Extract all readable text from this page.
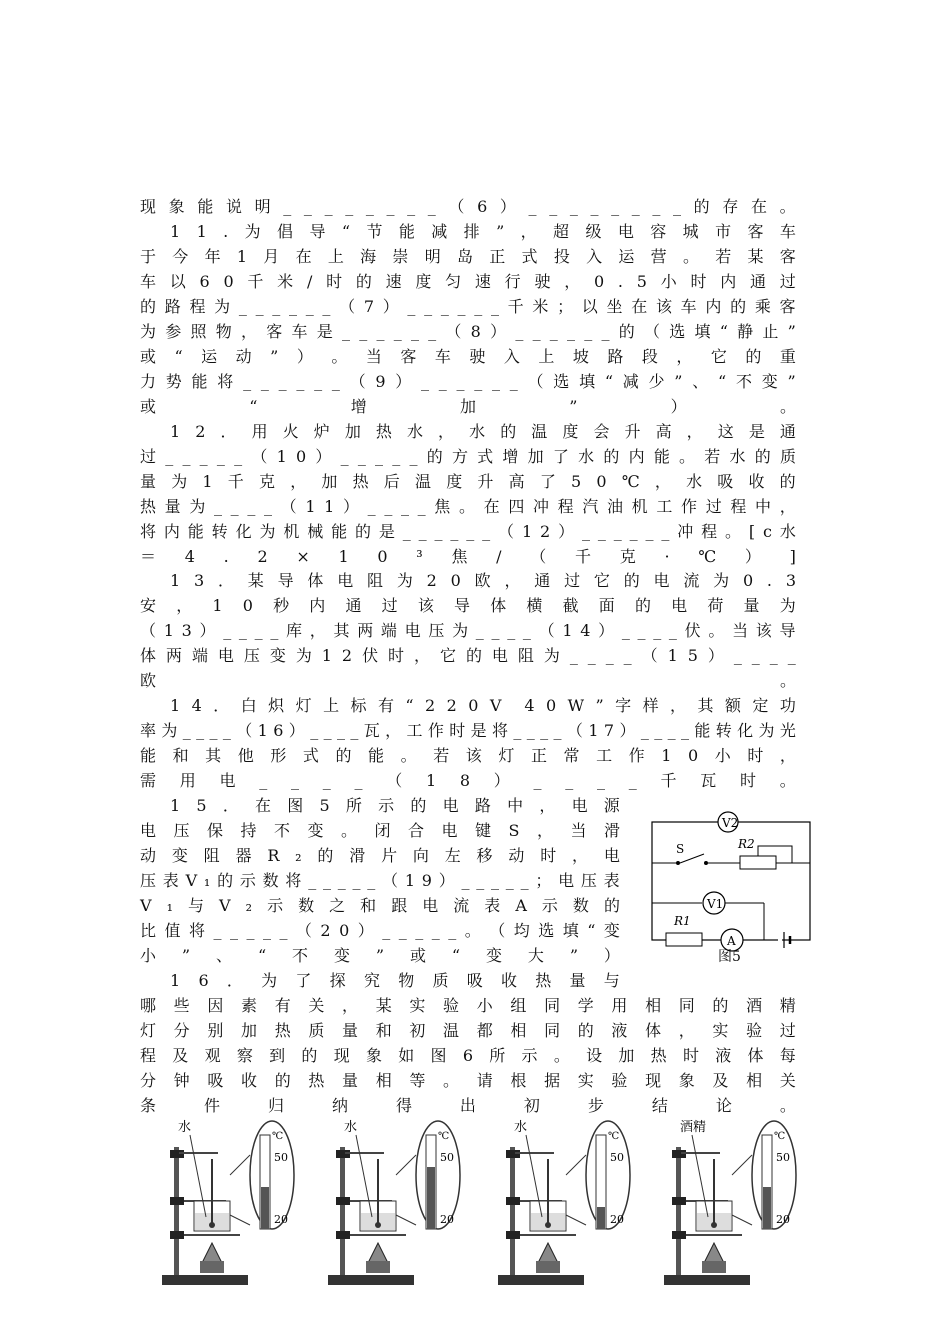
现 象 能 说 明 _ _ _ _ _ _ _ _ （ 6 ） _ _ _ _ _ _ _ _ 的 存 在 。
1 1 . 为 倡 导 “ 节 能 减 排 ” ， 超 级 电 容 城 市 客 车
于 今 年 1 月 在 上 海 崇 明 岛 正 式 投 入 运 营 。 若 某 客
车 以 6 0 千 米 / 时 的 速 度 匀 速 行 驶 ， 0 . 5 小 时 内 通 过
的 路 程 为 _ _ _ _ _ _ （ 7 ） _ _ _ _ _ _ 千 米 ； 以 坐 在 该 车 内 的 乘 客
为 参 照 物 ， 客 车 是 _ _ _ _ _ _ （ 8 ） _ _ _ _ _ _ 的 （ 选 填 “ 静 止 ”
或 “ 运 动 ” ） 。 当 客 车 驶 入 上 坡 路 段 ， 它 的 重
力 势 能 将 _ _ _ _ _ _ （ 9 ） _ _ _ _ _ _ （ 选 填 “ 减 少 ” 、 “ 不 变 ”
或	“	增	加	”	）	。
1 2 ． 用 火 炉 加 热 水 ， 水 的 温 度 会 升 高 ， 这 是 通
过 _ _ _ _ _ （ 1 0 ） _ _ _ _ _ 的 方 式 增 加 了 水 的 内 能 。 若 水 的 质
量 为 1 千 克 ， 加 热 后 温 度 升 高 了 5 0 ℃ ， 水 吸 收 的
热 量 为 _ _ _ _ （ 1 1 ） _ _ _ _ 焦 。 在 四 冲 程 汽 油 机 工 作 过 程 中 ，
将 内 能 转 化 为 机 械 能 的 是 _ _ _ _ _ _ （ 1 2 ） _ _ _ _ _ _ 冲 程 。 [ c 水
＝ 4 . 2 × 1 0 ³ 焦 / （ 千 克 · ℃ ） ]
1 3 ． 某 导 体 电 阻 为 2 0 欧 ， 通 过 它 的 电 流 为 0 . 3
安 ， 1 0 秒 内 通 过 该 导 体 横 截 面 的 电 荷 量 为
（ 1 3 ） _ _ _ _ 库 ， 其 两 端 电 压 为 _ _ _ _ （ 1 4 ） _ _ _ _ 伏 。 当 该 导
体 两 端 电 压 变 为 1 2 伏 时 ， 它 的 电 阻 为 _ _ _ _ （ 1 5 ） _ _ _ _
欧	。
1 4 ． 白 炽 灯 上 标 有 “ 2 2 0 V 4 0 W ” 字 样 ， 其 额 定 功
率 为 _ _ _ _ （ 1 6 ） _ _ _ _ 瓦 ， 工 作 时 是 将 _ _ _ _ （ 1 7 ） _ _ _ _ 能 转 化 为 光
能 和 其 他 形 式 的 能 。 若 该 灯 正 常 工 作 1 0 小 时 ，
需 用 电 _ _ _ _ （ 1 8 ） _ _ _ _ 千 瓦 时 。
1 5 ． 在 图 5 所 示 的 电 路 中 ， 电 源
电 压 保 持 不 变 。 闭 合 电 键 S ， 当 滑
动 变 阻 器 R ₂ 的 滑 片 向 左 移 动 时 ， 电
压 表 V ₁ 的 示 数 将 _ _ _ _ _ （ 1 9 ） _ _ _ _ _ ； 电 压 表
V ₁ 与 V ₂ 示 数 之 和 跟 电 流 表 A 示 数 的
比 值 将 _ _ _ _ _ （ 2 0 ） _ _ _ _ _ 。 （ 均 选 填 “ 变
小 ” 、 “ 不 变 ” 或 “ 变 大 ” ）
1 6 ． 为 了 探 究 物 质 吸 收 热 量 与
哪 些 因 素 有 关 ， 某 实 验 小 组 同 学 用 相 同 的 酒 精
灯 分 别 加 热 质 量 和 初 温 都 相 同 的 液 体 ， 实 验 过
程 及 观 察 到 的 现 象 如 图 6 所 示 。 设 加 热 时 液 体 每
分 钟 吸 收 的 热 量 相 等 。 请 根 据 实 验 现 象 及 相 关
条	件	归	纳	得	出	初	步	结	论	。
V2
S	R2
V1
R1
A
图5
水
℃
50
20
水
℃
50
20
水
℃
50
20
酒精
℃
50
20
